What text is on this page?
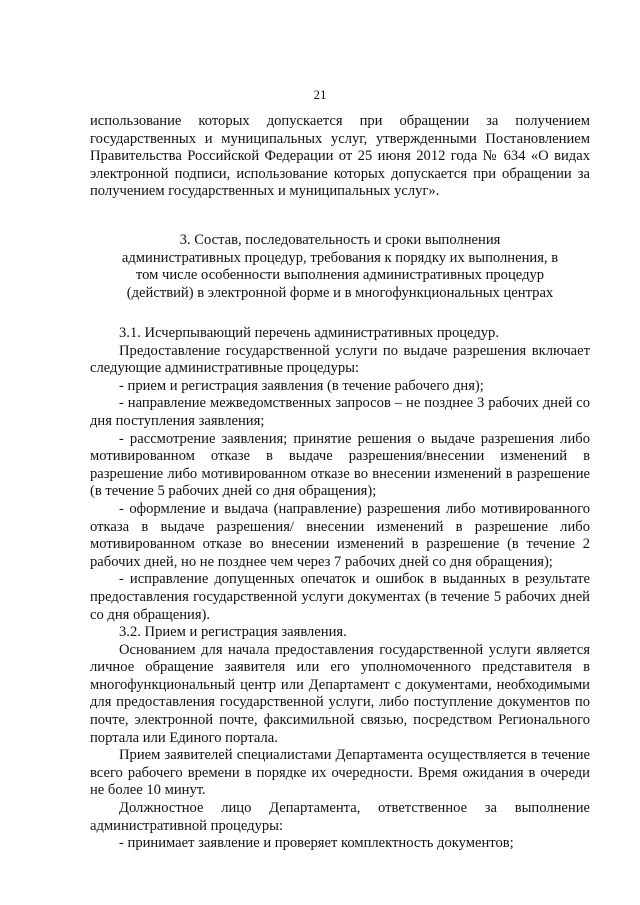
21

использование которых допускается при обращении за получением государственных и муниципальных услуг, утвержденными Постановлением Правительства Российской Федерации от 25 июня 2012 года № 634 «О видах электронной подписи, использование которых допускается при обращении за получением государственных и муниципальных услуг».

3. Состав, последовательность и сроки выполнения административных процедур, требования к порядку их выполнения, в том числе особенности выполнения административных процедур (действий) в электронной форме и в многофункциональных центрах

3.1. Исчерпывающий перечень административных процедур.

Предоставление государственной услуги по выдаче разрешения включает следующие административные процедуры:

- прием и регистрация заявления (в течение рабочего дня);

- направление межведомственных запросов – не позднее 3 рабочих дней со дня поступления заявления;

- рассмотрение заявления; принятие решения о выдаче разрешения либо мотивированном отказе в выдаче разрешения/внесении изменений в разрешение либо мотивированном отказе во внесении изменений в разрешение (в течение 5 рабочих дней со дня обращения);

- оформление и выдача (направление) разрешения либо мотивированного отказа в выдаче разрешения/ внесении изменений в разрешение либо мотивированном отказе во внесении изменений в разрешение (в течение 2 рабочих дней, но не позднее чем через 7 рабочих дней со дня обращения);

- исправление допущенных опечаток и ошибок в выданных в результате предоставления государственной услуги документах (в течение 5 рабочих дней со дня обращения).

3.2. Прием и регистрация заявления.

Основанием для начала предоставления государственной услуги является личное обращение заявителя или его уполномоченного представителя в многофункциональный центр или Департамент с документами, необходимыми для предоставления государственной услуги, либо поступление документов по почте, электронной почте, факсимильной связью, посредством Регионального портала или Единого портала.

Прием заявителей специалистами Департамента осуществляется в течение всего рабочего времени в порядке их очередности. Время ожидания в очереди не более 10 минут.

Должностное лицо Департамента, ответственное за выполнение административной процедуры:

- принимает заявление и проверяет комплектность документов;
